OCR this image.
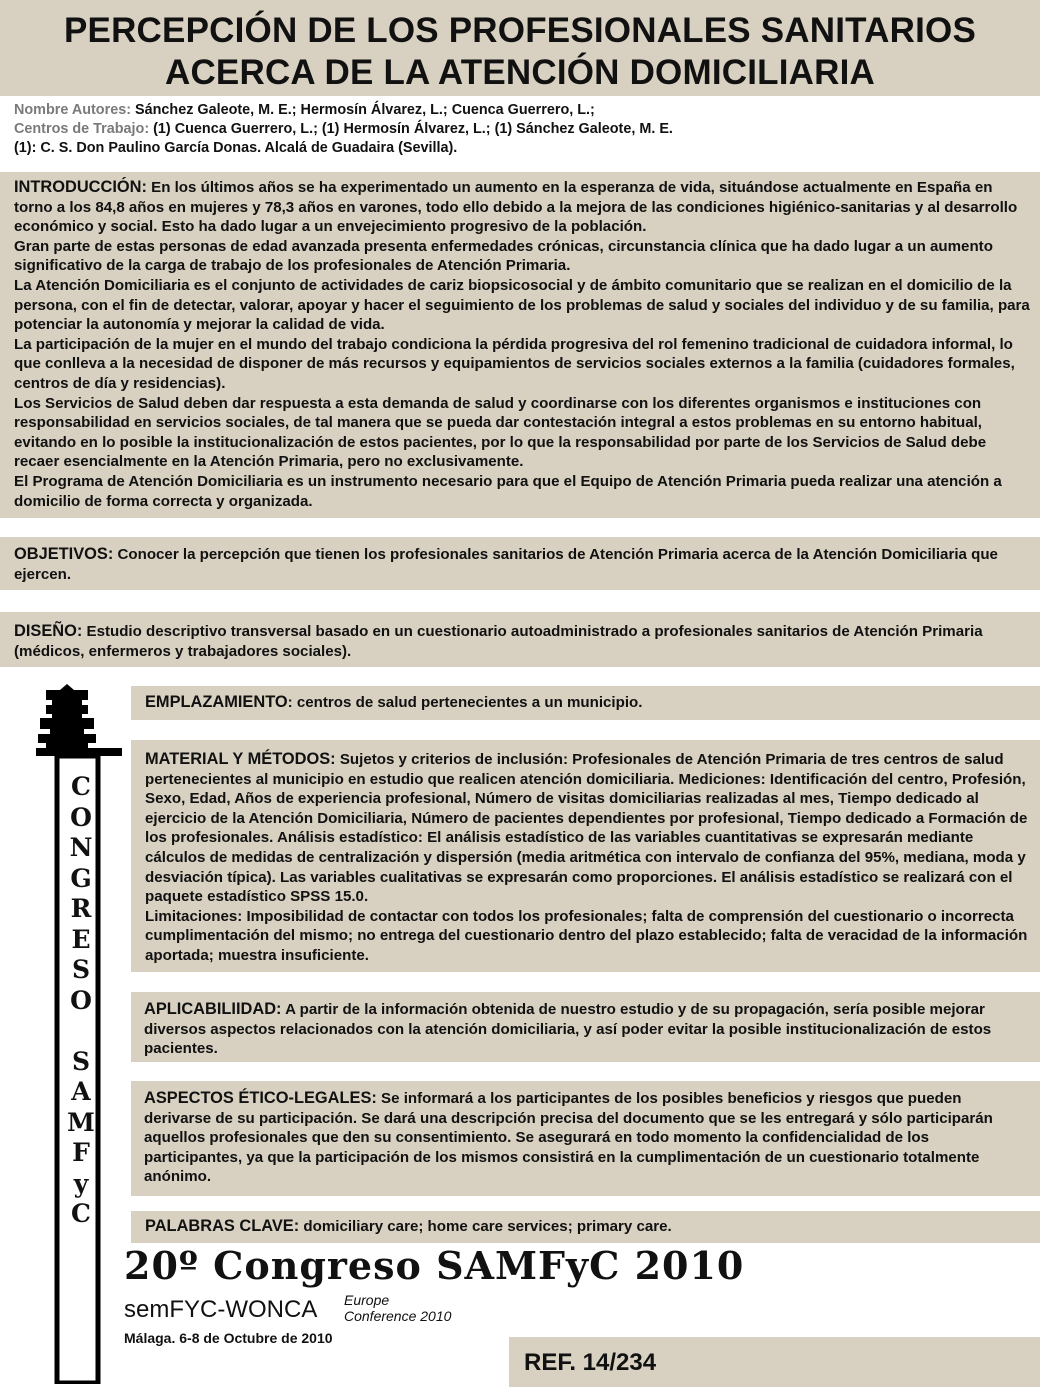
PERCEPCIÓN DE LOS PROFESIONALES SANITARIOS
ACERCA DE LA ATENCIÓN DOMICILIARIA
Nombre Autores: Sánchez Galeote, M. E.; Hermosín Álvarez, L.; Cuenca Guerrero, L.;
Centros de Trabajo: (1) Cuenca Guerrero, L.; (1) Hermosín Álvarez, L.; (1) Sánchez Galeote, M. E.
(1): C. S. Don Paulino García Donas. Alcalá de Guadaira (Sevilla).

INTRODUCCIÓN: En los últimos años se ha experimentado un aumento en la esperanza de vida, situándose actualmente en España en torno a los 84,8 años en mujeres y 78,3 años en varones, todo ello debido a la mejora de las condiciones higiénico-sanitarias y al desarrollo económico y social. Esto ha dado lugar a un envejecimiento progresivo de la población.

Gran parte de estas personas de edad avanzada presenta enfermedades crónicas, circunstancia clínica que ha dado lugar a un aumento significativo de la carga de trabajo de los profesionales de Atención Primaria.

La Atención Domiciliaria es el conjunto de actividades de cariz biopsicosocial y de ámbito comunitario que se realizan en el domicilio de la persona, con el fin de detectar, valorar, apoyar y hacer el seguimiento de los problemas de salud y sociales del individuo y de su familia, para potenciar la autonomía y mejorar la calidad de vida.

La participación de la mujer en el mundo del trabajo condiciona la pérdida progresiva del rol femenino tradicional de cuidadora informal, lo que conlleva a la necesidad de disponer de más recursos y equipamientos de servicios sociales externos a la familia (cuidadores formales, centros de día y residencias).

Los Servicios de Salud deben dar respuesta a esta demanda de salud y coordinarse con los diferentes organismos e instituciones con responsabilidad en servicios sociales, de tal manera que se pueda dar contestación integral a estos problemas en su entorno habitual, evitando en lo posible la institucionalización de estos pacientes, por lo que la responsabilidad por parte de los Servicios de Salud debe recaer esencialmente en la Atención Primaria, pero no exclusivamente.

El Programa de Atención Domiciliaria es un instrumento necesario para que el Equipo de Atención Primaria pueda realizar una atención a domicilio de forma correcta y organizada.

OBJETIVOS: Conocer la percepción que tienen los profesionales sanitarios de Atención Primaria acerca de la Atención Domiciliaria que ejercen.

DISEÑO: Estudio descriptivo transversal basado en un cuestionario autoadministrado a profesionales sanitarios de Atención Primaria (médicos, enfermeros y trabajadores sociales).

C
O
N
G
R
E
S
O
S
A
M
F
y
C

EMPLAZAMIENTO: centros de salud pertenecientes a un municipio.

MATERIAL Y MÉTODOS: Sujetos y criterios de inclusión: Profesionales de Atención Primaria de tres centros de salud pertenecientes al municipio en estudio que realicen atención domiciliaria. Mediciones: Identificación del centro, Profesión, Sexo, Edad, Años de experiencia profesional, Número de visitas domiciliarias realizadas al mes, Tiempo dedicado al ejercicio de la Atención Domiciliaria, Número de pacientes dependientes por profesional, Tiempo dedicado a Formación de los profesionales. Análisis estadístico: El análisis estadístico de las variables cuantitativas se expresarán mediante cálculos de medidas de centralización y dispersión (media aritmética con intervalo de confianza del 95%, mediana, moda y desviación típica). Las variables cualitativas se expresarán como proporciones. El análisis estadístico se realizará con el paquete estadístico SPSS 15.0.

Limitaciones: Imposibilidad de contactar con todos los profesionales; falta de comprensión del cuestionario o incorrecta cumplimentación del mismo; no entrega del cuestionario dentro del plazo establecido; falta de veracidad de la información aportada; muestra insuficiente.

APLICABILIIDAD: A partir de la información obtenida de nuestro estudio y de su propagación, sería posible mejorar diversos aspectos relacionados con la atención domiciliaria, y así poder evitar la posible institucionalización de estos pacientes.

ASPECTOS ÉTICO-LEGALES: Se informará a los participantes de los posibles beneficios y riesgos que pueden derivarse de su participación. Se dará una descripción precisa del documento que se les entregará y sólo participarán aquellos profesionales que den su consentimiento. Se asegurará en todo momento la confidencialidad de los participantes, ya que la participación de los mismos consistirá en la cumplimentación de un cuestionario totalmente anónimo.

PALABRAS CLAVE: domiciliary care; home care services; primary care.

20º Congreso SAMFyC 2010
semFYC-WONCA Europe
Conference 2010
Málaga. 6-8 de Octubre de 2010

REF. 14/234
